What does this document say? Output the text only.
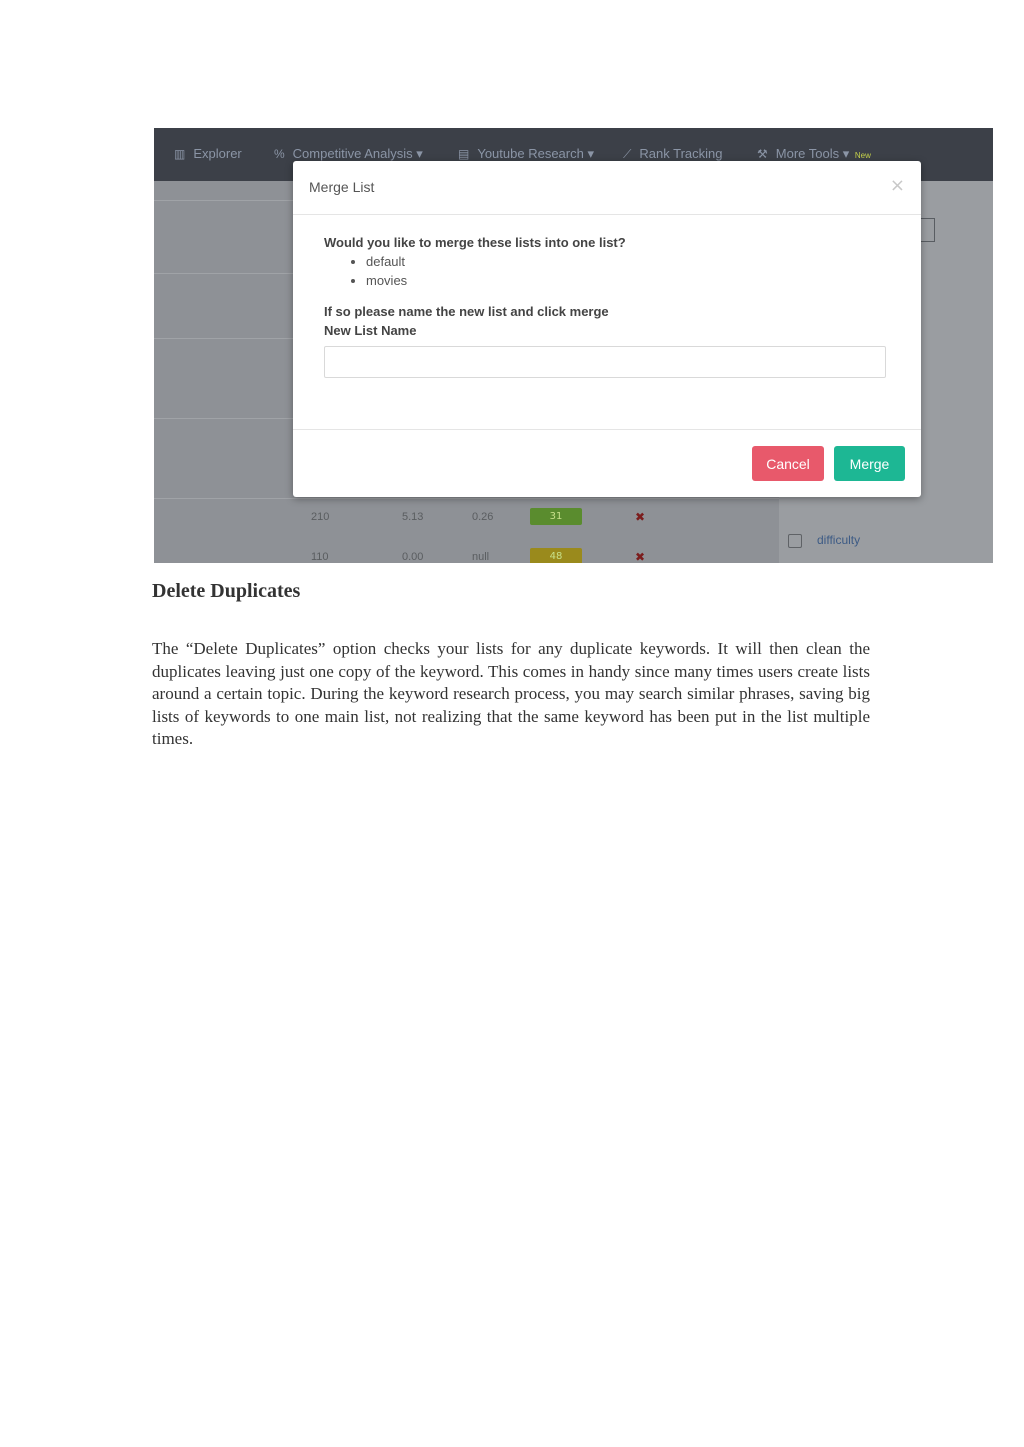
▥ Explorer	% Competitive Analysis ▾	▤ Youtube Research ▾ ⟋ Rank Tracking	⚒ More Tools ▾ New
210	5.13	0.26	31	✖
110	0.00	null	48	✖
difficulty
Merge List	×
Would you like to merge these lists into one list?
• default
• movies
If so please name the new list and click merge
New List Name
Cancel	Merge
Delete Duplicates

The “Delete Duplicates” option checks your lists for any duplicate keywords. It will then clean the duplicates leaving just one copy of the keyword. This comes in handy since many times users create lists around a certain topic. During the keyword research process, you may search similar phrases, saving big lists of keywords to one main list, not realizing that the same keyword has been put in the list multiple times.
